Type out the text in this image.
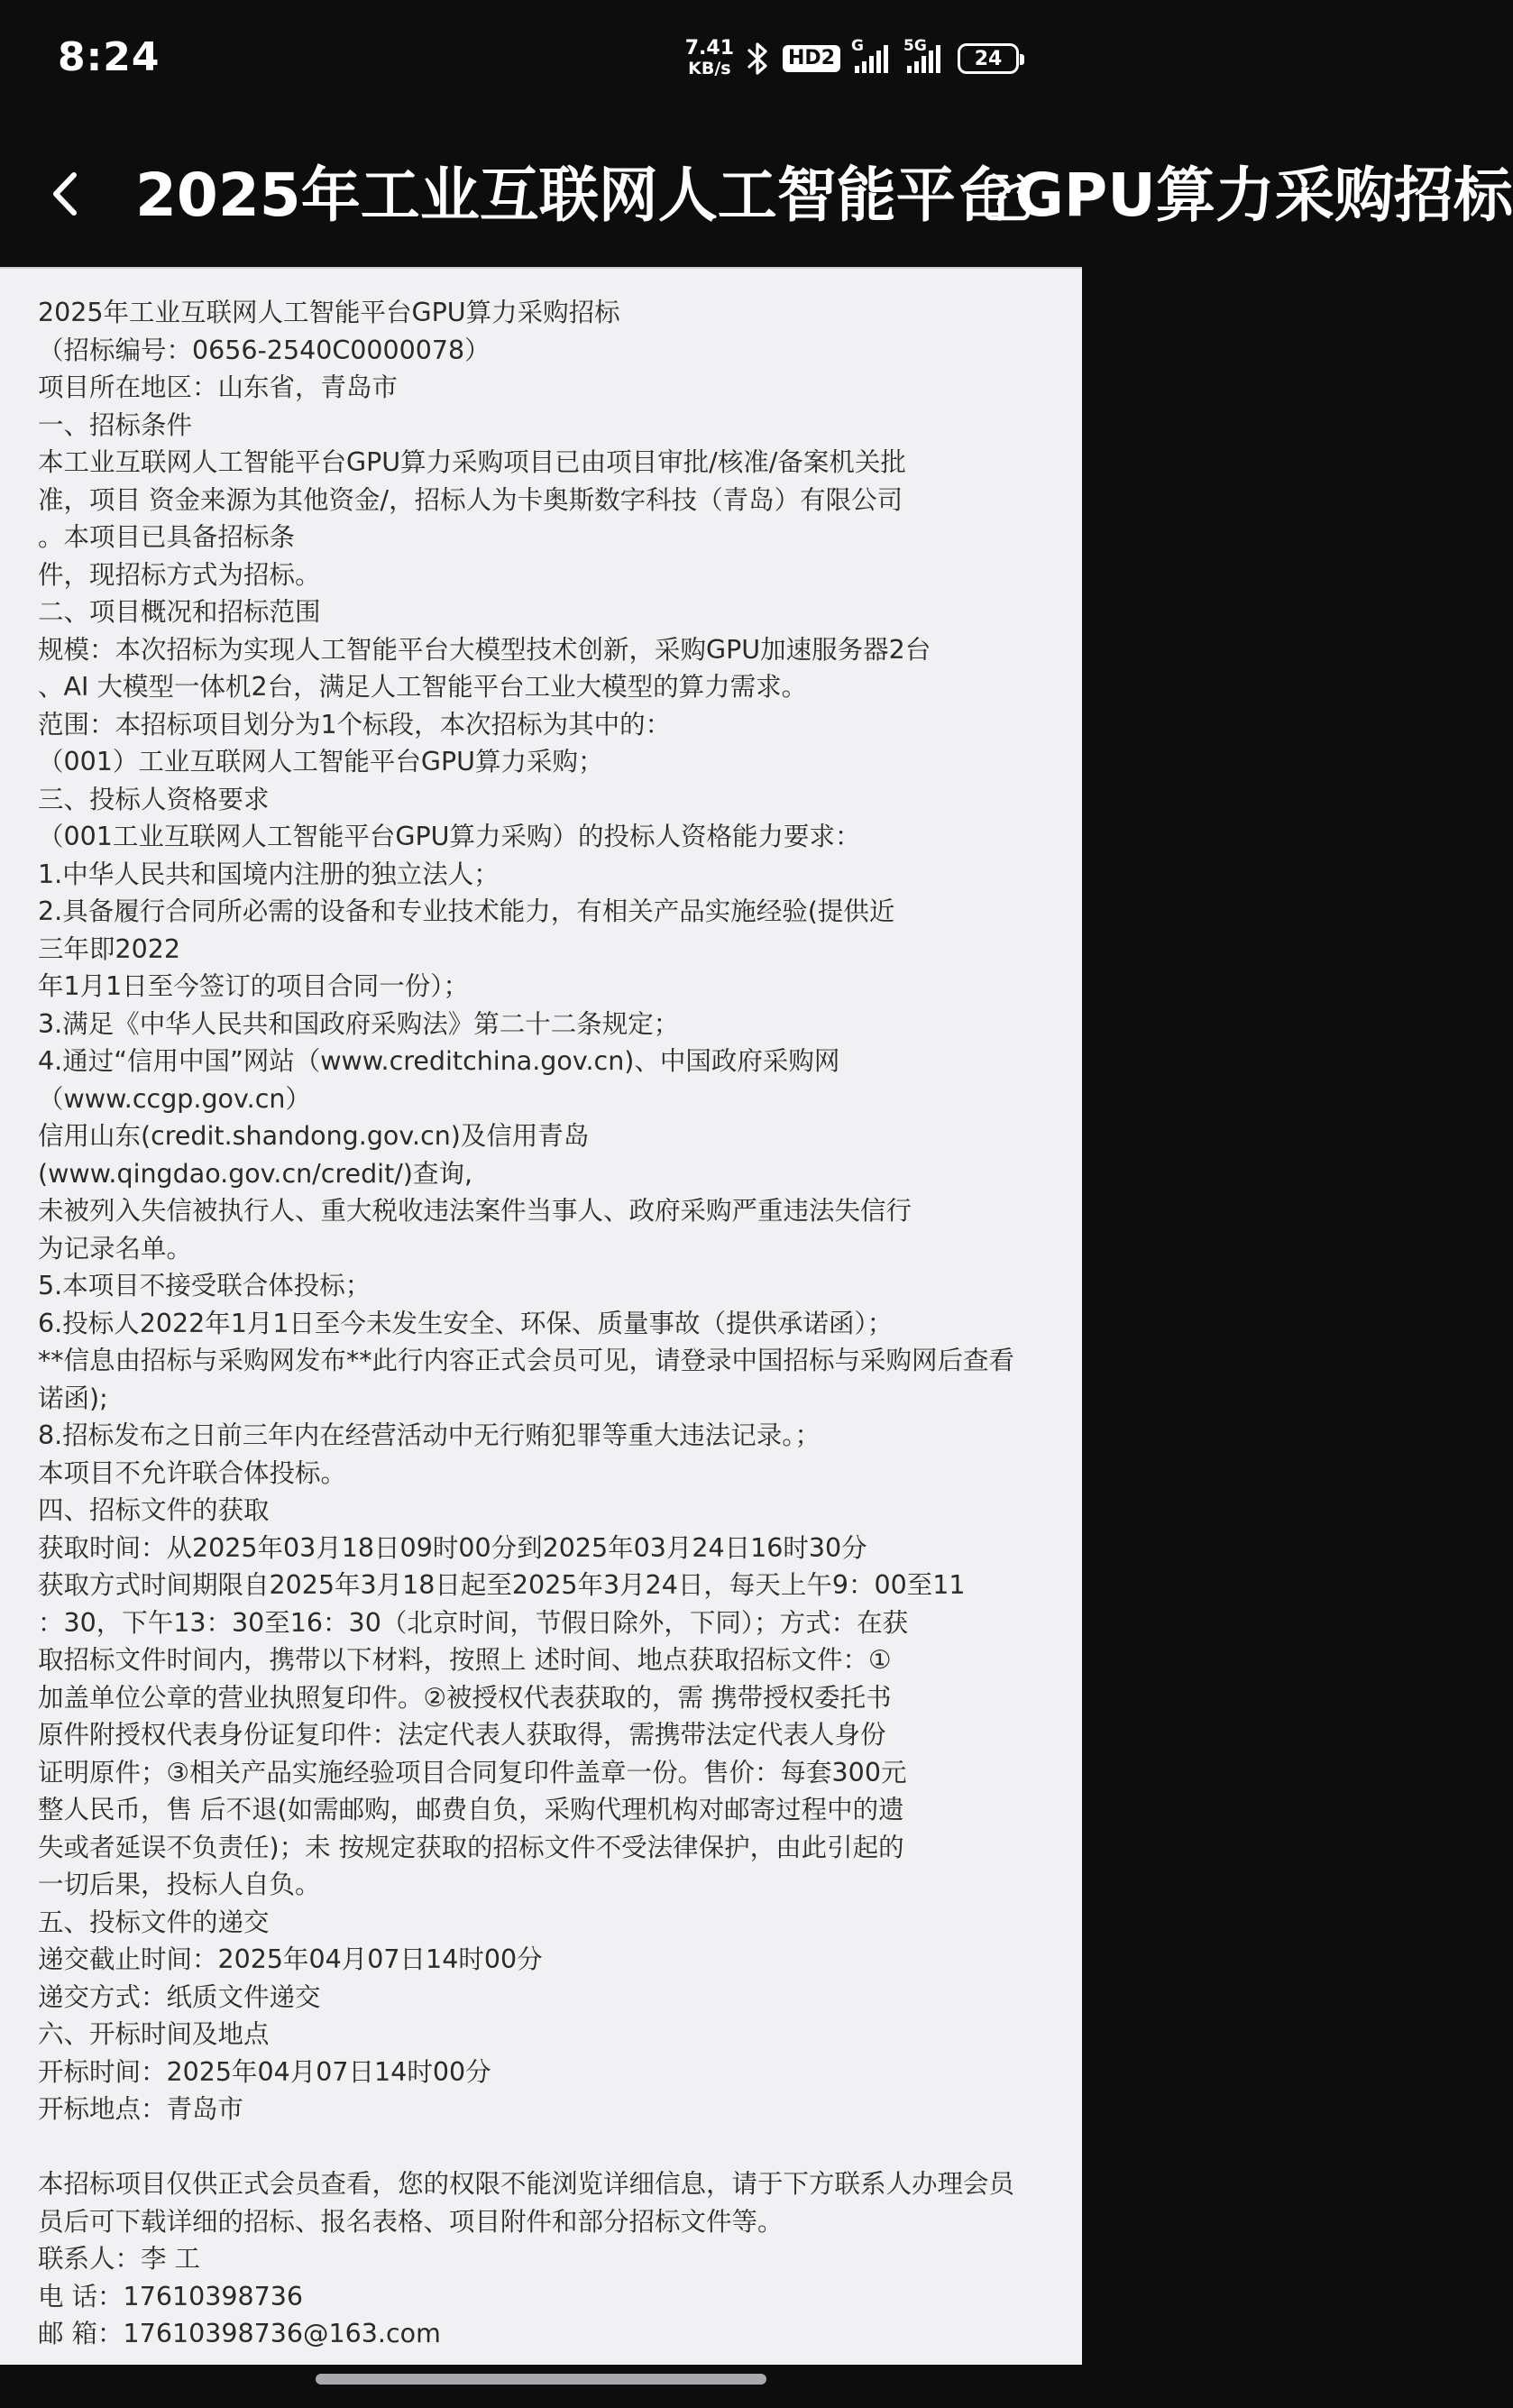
8:24	7.41
KB/s	HD2
G	5G
24
2025年工业互联网人工智能平台GPU算力采购招标
2025年工业互联网人工智能平台GPU算力采购招标
（招标编号：0656-2540C0000078）
项目所在地区：山东省，青岛市
一、招标条件
本工业互联网人工智能平台GPU算力采购项目已由项目审批/核准/备案机关批
准，项目 资金来源为其他资金/，招标人为卡奥斯数字科技（青岛）有限公司
。本项目已具备招标条
件，现招标方式为招标。
二、项目概况和招标范围
规模：本次招标为实现人工智能平台大模型技术创新，采购GPU加速服务器2台
、AI 大模型一体机2台，满足人工智能平台工业大模型的算力需求。
范围：本招标项目划分为1个标段，本次招标为其中的：
（001）工业互联网人工智能平台GPU算力采购；
三、投标人资格要求
（001工业互联网人工智能平台GPU算力采购）的投标人资格能力要求：
1.中华人民共和国境内注册的独立法人；
2.具备履行合同所必需的设备和专业技术能力，有相关产品实施经验(提供近
三年即2022
年1月1日至今签订的项目合同一份）；
3.满足《中华人民共和国政府采购法》第二十二条规定；
4.通过“信用中国”网站（www.creditchina.gov.cn)、中国政府采购网
（www.ccgp.gov.cn）
信用山东(credit.shandong.gov.cn)及信用青岛
(www.qingdao.gov.cn/credit/)查询,
未被列入失信被执行人、重大税收违法案件当事人、政府采购严重违法失信行
为记录名单。
5.本项目不接受联合体投标；
6.投标人2022年1月1日至今未发生安全、环保、质量事故（提供承诺函）；
**信息由招标与采购网发布**此行内容正式会员可见，请登录中国招标与采购网后查看
诺函);
8.招标发布之日前三年内在经营活动中无行贿犯罪等重大违法记录。；
本项目不允许联合体投标。
四、招标文件的获取
获取时间：从2025年03月18日09时00分到2025年03月24日16时30分
获取方式时间期限自2025年3月18日起至2025年3月24日，每天上午9：00至11
：30，下午13：30至16：30（北京时间，节假日除外，下同）；方式：在获
取招标文件时间内，携带以下材料，按照上 述时间、地点获取招标文件：①
加盖单位公章的营业执照复印件。②被授权代表获取的，需 携带授权委托书
原件附授权代表身份证复印件：法定代表人获取得，需携带法定代表人身份
证明原件；③相关产品实施经验项目合同复印件盖章一份。售价：每套300元
整人民币，售 后不退(如需邮购，邮费自负，采购代理机构对邮寄过程中的遗
失或者延误不负责任)；未 按规定获取的招标文件不受法律保护，由此引起的
一切后果，投标人自负。
五、投标文件的递交
递交截止时间：2025年04月07日14时00分
递交方式：纸质文件递交
六、开标时间及地点
开标时间：2025年04月07日14时00分
开标地点：青岛市
本招标项目仅供正式会员查看，您的权限不能浏览详细信息，请于下方联系人办理会员
员后可下载详细的招标、报名表格、项目附件和部分招标文件等。
联系人：李 工
电 话：17610398736
邮 箱：17610398736@163.com
